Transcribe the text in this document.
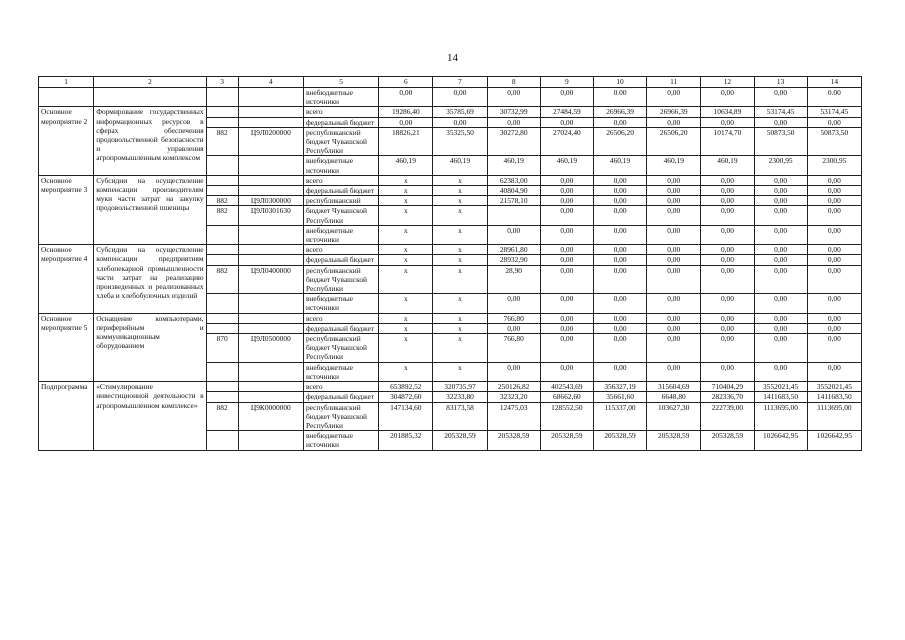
14
1	2	3	4	5	6	7	8	9	10	11	12	13	14
				внебюджетные источники	0,00	0,00	0,00	0,00	0.00	0,00	0,00	0,00	0.00
Основное мероприятие 2	Формирование государственных информационных ресурсов в сферах обеспечения продовольственной безопасности и управления агропромышленным комплексом			всего	19286,40	35785,69	30732,99	27484,59	26966,39	26966,39	10634,89	53174,45	53174,45
				федеральный бюджет	0,00	0,00	0,00	0,00	0,00	0,00	0,00	0,00	0,00
		882	Ц9Л0200000	республиканский бюджет Чувашской Республики	18826,21	35325,50	30272,80	27024,40	26506,20	26506,20	10174,70	50873,50	50873,50
				внебюджетные источники	460,19	460,19	460,19	460,19	460,19	460,19	460,19	2300,95	2300,95
Основное мероприятие 3	Субсидии на осуществление компенсации производителям муки части затрат на закупку продовольственной пшеницы			всего	x	x	62383,00	0,00	0,00	0,00	0,00	0,00	0,00
				федеральный бюджет	x	x	40804,90	0,00	0,00	0,00	0,00	0,00	0,00
		882	Ц9Л0300000	республиканский	x	x	21578,10	0,00	0,00	0,00	0,00	0,00	0,00
		882	Ц9Л0301630	бюджет Чувашской Республики	x	x		0,00	0,00	0,00	0,00	0,00	0,00
				внебюджетные источники	x	x	0,00	0,00	0,00	0,00	0,00	0,00	0,00
Основное мероприятие 4	Субсидии на осуществление компенсации предприятиям хлебопекарной промышленности части затрат на реализацию произведенных и реализованных хлеба и хлебобулочных изделий			всего	x	x	28961,80	0,00	0,00	0,00	0,00	0,00	0,00
				федеральный бюджет	x	x	28932,90	0,00	0,00	0,00	0,00	0,00	0,00
		882	Ц9Л0400000	республиканский бюджет Чувашской Республики	x	x	28,90	0,00	0,00	0,00	0,00	0,00	0,00
				внебюджетные источники	x	x	0,00	0,00	0,00	0,00	0,00	0,00	0,00
Основное мероприятие 5	Оснащение компьютерами, периферийным и коммуникационным оборудованием			всего	x	x	766,80	0,00	0,00	0,00	0,00	0,00	0,00
				федеральный бюджет	x	x	0,00	0,00	0,00	0,00	0,00	0,00	0,00
		870	Ц9Л0500000	республиканский бюджет Чувашской Республики	x	x	766,80	0,00	0,00	0,00	0,00	0,00	0,00
				внебюджетные источники	x	x	0,00	0,00	0,00	0,00	0,00	0,00	0,00
Подпрограмма	«Стимулирование инвестиционной деятельности в агропромышленном комплексе»			всего	653892,52	320735,97	250126,82	402543,69	356327,19	315604,69	710404,29	3552021,45	3552021,45
				федеральный бюджет	304872,60	32233,80	32323,20	68662,60	35661,60	6648,80	282336,70	1411683,50	1411683,50
		882	Ц9К0000000	республиканский бюджет Чувашской Республики	147134,60	83173,58	12475,03	128552,50	115337,00	103627,30	222739,00	1113695,00	1113695,00
				внебюджетные источники	201885,32	205328,59	205328,59	205328,59	205328,59	205328,59	205328,59	1026642,95	1026642,95
